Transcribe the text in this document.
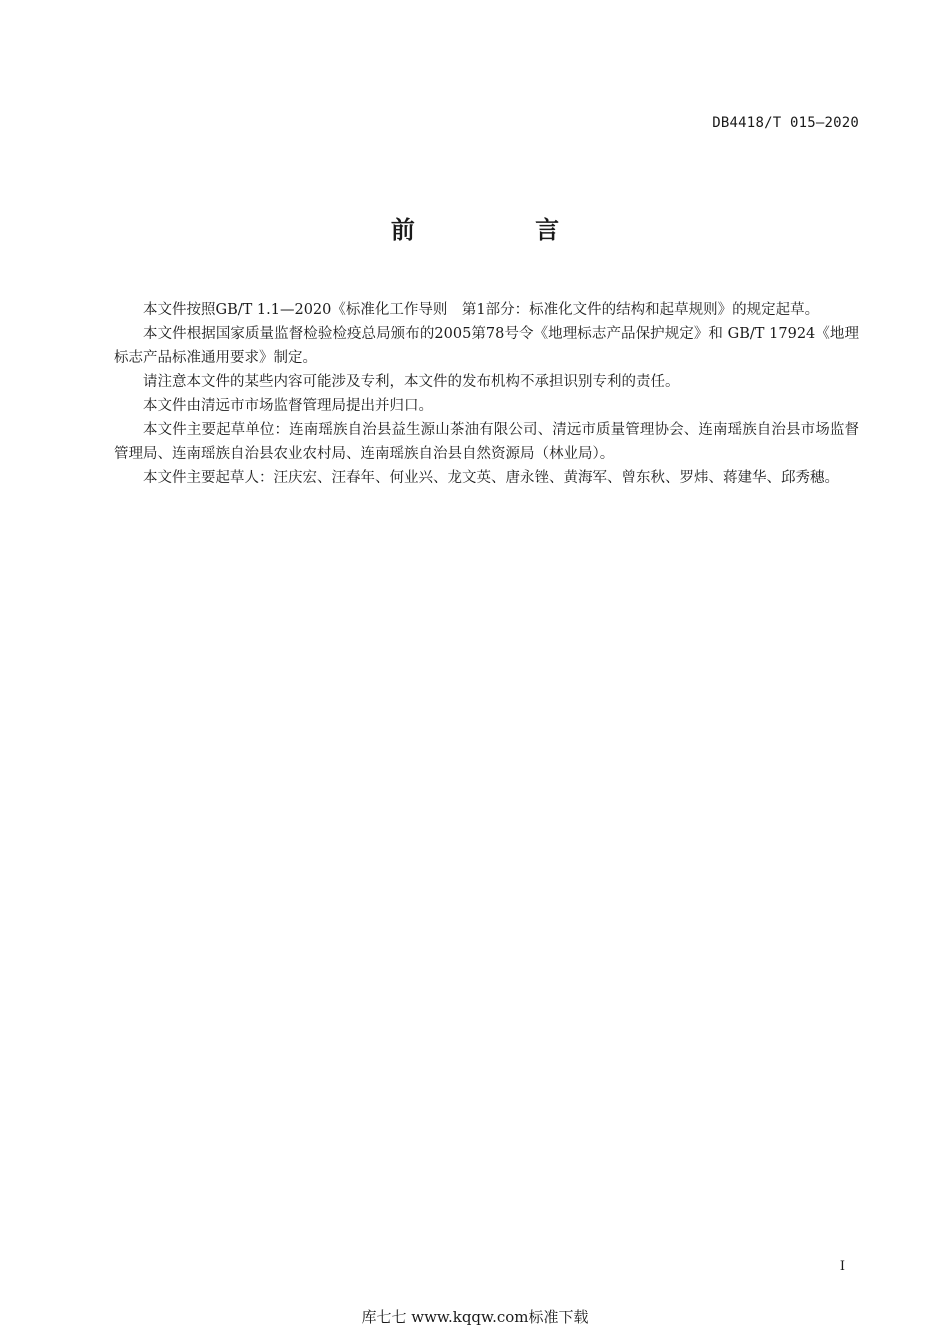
DB4418/T 015—2020
前 言

本文件按照GB/T 1.1—2020《标准化工作导则　第1部分：标准化文件的结构和起草规则》的规定起草。

本文件根据国家质量监督检验检疫总局颁布的2005第78号令《地理标志产品保护规定》和 GB/T 17924《地理标志产品标准通用要求》制定。

请注意本文件的某些内容可能涉及专利，本文件的发布机构不承担识别专利的责任。

本文件由清远市市场监督管理局提出并归口。

本文件主要起草单位：连南瑶族自治县益生源山茶油有限公司、清远市质量管理协会、连南瑶族自治县市场监督管理局、连南瑶族自治县农业农村局、连南瑶族自治县自然资源局（林业局）。

本文件主要起草人：汪庆宏、汪春年、何业兴、龙文英、唐永锉、黄海军、曾东秋、罗炜、蒋建华、邱秀穗。

I
库七七 www.kqqw.com标准下载
